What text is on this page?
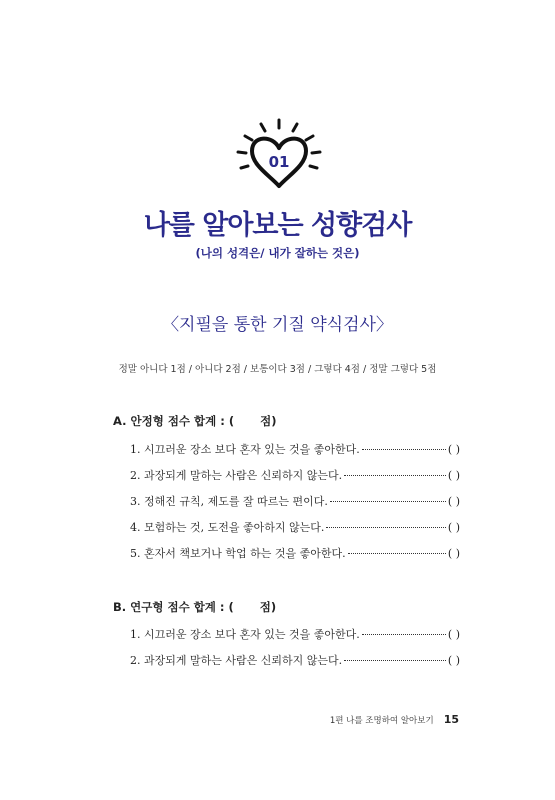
01
나를 알아보는 성향검사
(나의 성격은/ 내가 잘하는 것은)
〈지필을 통한 기질 약식검사〉
정말 아니다 1점 / 아니다 2점 / 보통이다 3점 / 그렇다 4점 / 정말 그렇다 5점
A. 안정형 점수 합계 : ( 점)
1. 시끄러운 장소 보다 혼자 있는 것을 좋아한다.	( )
2. 과장되게 말하는 사람은 신뢰하지 않는다.	( )
3. 정해진 규칙, 제도를 잘 따르는 편이다.	( )
4. 모험하는 것, 도전을 좋아하지 않는다.	( )
5. 혼자서 책보거나 학업 하는 것을 좋아한다.	( )
B. 연구형 점수 합계 : ( 점)
1. 시끄러운 장소 보다 혼자 있는 것을 좋아한다.	( )
2. 과장되게 말하는 사람은 신뢰하지 않는다.	( )
1편 나를 조명하여 알아보기 15
